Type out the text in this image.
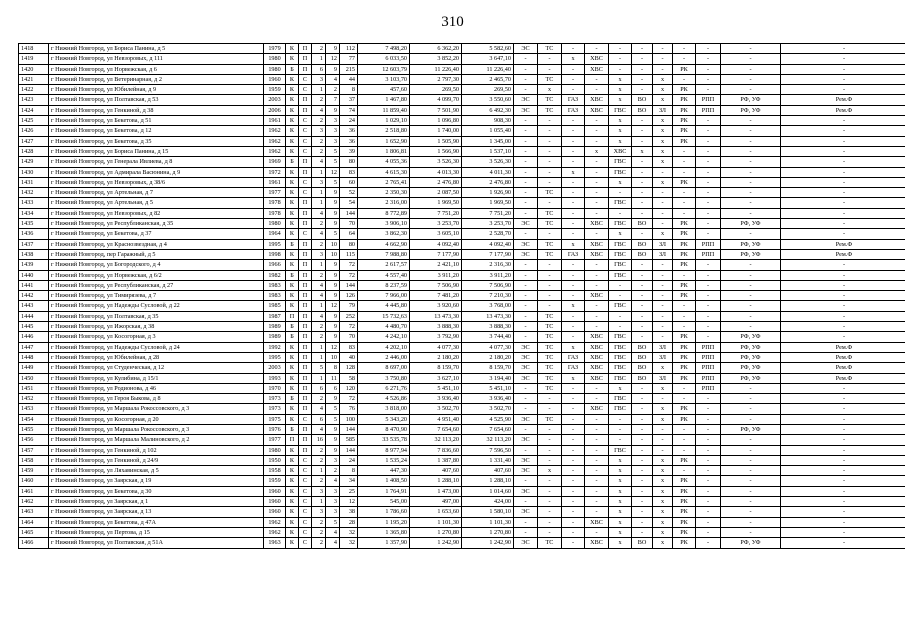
310
1418	г Нижний Новгород, ул Бориса Панина, д 5	1979	К	П	2	9	112	7 498,20	6 362,20	5 582,60	ЭС	ТС	-	-	-	-	-	-	-	-	-
1419	г Нижний Новгород, ул Невзоровых, д 111	1980	К	П	1	12	77	6 033,50	3 852,20	3 647,10	-	-	х	ХВС	-	-	-	-	-	-	-
1420	г Нижний Новгород, ул Норвежская, д 6	1980	Б	П	6	9	215	12 603,79	11 226,40	11 226,40	-	-	-	ХВС	-	-	-	РК	-	-	-
1421	г Нижний Новгород, ул Ветеринарная, д 2	1960	К	С	3	4	44	3 103,70	2 797,30	2 465,70	-	ТС	-	-	х	-	х	-	-	-	-
1422	г Нижний Новгород, ул Юбилейная, д 9	1959	К	С	1	2	8	457,60	269,50	269,50	-	х	-	-	х	-	х	РК	-	-	-
1423	г Нижний Новгород, ул Полтавская, д 53	2003	К	П	2	7	37	1 467,80	4 099,70	3 550,60	ЭС	ТС	ГАЗ	ХВС	х	ВО	х	РК	РПП	РФ, УФ	Рем.Ф
1424	г Нижний Новгород, ул Генкиной, д 38	2006	К	П	4	9	74	11 859,40	7 501,90	6 492,30	ЭС	ТС	ГАЗ	ХВС	ГВС	ВО	ЗЛ	РК	РПП	РФ, УФ	Рем.Ф
1425	г Нижний Новгород, ул Бекетова, д 51	1961	К	С	2	3	24	1 029,10	1 096,80	908,30	-	-	-	-	х	-	х	РК	-	-	-
1426	г Нижний Новгород, ул Бекетова, д 12	1962	К	С	3	3	36	2 518,80	1 740,00	1 055,40	-	-	-	-	х	-	х	РК	-	-	-
1427	г Нижний Новгород, ул Бекетова, д 35	1962	К	С	2	3	36	1 652,90	1 505,90	1 345,00	-	-	-	-	х	-	х	РК	-	-	-
1428	г Нижний Новгород, ул Бориса Панина, д 15	1962	К	С	2	5	39	1 806,81	1 566,90	1 537,10	-	-	-	х	ХВС	х	х	-	-	-	-
1429	г Нижний Новгород, ул Генерала Ивлиева, д 8	1969	Б	П	4	5	80	4 055,36	3 526,30	3 526,30	-	-	-	-	ГВС	-	х	-	-	-	-
1430	г Нижний Новгород, ул Адмирала Васюнина, д 9	1972	К	П	1	12	83	4 615,30	4 013,30	4 011,30	-	-	х	-	ГВС	-	-	-	-	-	-
1431	г Нижний Новгород, ул Невзоровых, д 38/6	1961	К	С	3	5	60	2 765,41	2 476,80	2 476,80	-	-	-	-	х	-	х	РК	-	-	-
1432	г Нижний Новгород, ул Артельная, д 7	1977	К	С	1	9	52	2 350,30	2 087,50	1 926,90	-	ТС	-	-	-	-	-	-	-	-	-
1433	г Нижний Новгород, ул Артельная, д 5	1978	К	П	1	9	54	2 316,00	1 969,50	1 969,50	-	-	-	-	ГВС	-	-	-	-	-	-
1434	г Нижний Новгород, ул Невзоровых, д 82	1978	К	П	4	9	144	8 772,89	7 751,20	7 751,20	-	ТС	-	-	-	-	-	-	-	-	-
1435	г Нижний Новгород, ул Республиканская, д 35	1980	К	П	2	9	70	3 906,10	3 253,70	3 253,70	ЭС	ТС	-	ХВС	ГВС	ВО	-	РК	-	РФ, УФ	-
1436	г Нижний Новгород, ул Бекетова, д 37	1964	К	С	4	5	64	3 862,30	3 605,10	2 528,70	-	-	-	-	х	-	х	РК	-	-	-
1437	г Нижний Новгород, ул Краснозвездная, д 4	1995	Б	П	2	10	80	4 662,90	4 092,40	4 092,40	ЭС	ТС	х	ХВС	ГВС	ВО	ЗЛ	РК	РПП	РФ, УФ	Рем.Ф
1438	г Нижний Новгород, пер Гаражный, д 5	1998	К	П	3	10	115	7 988,80	7 177,90	7 177,90	ЭС	ТС	ГАЗ	ХВС	ГВС	ВО	ЗЛ	РК	РПП	РФ, УФ	Рем.Ф
1439	г Нижний Новгород, ул Богородского, д 4	1966	К	П	1	9	72	2 617,57	2 421,10	2 316,30	-	-	-	-	ГВС	-	-	РК	-	-	-
1440	г Нижний Новгород, ул Норвежская, д 6/2	1982	Б	П	2	9	72	4 557,40	3 911,20	3 911,20	-	-	-	-	ГВС	-	-	-	-	-	-
1441	г Нижний Новгород, ул Республиканская, д 27	1983	К	П	4	9	144	8 237,59	7 506,90	7 506,90	-	-	-	-	-	-	-	РК	-	-	-
1442	г Нижний Новгород, ул Тимирязева, д 7	1983	К	П	4	9	126	7 966,00	7 481,20	7 210,30	-	-	-	ХВС	-	-	-	РК	-	-	-
1443	г Нижний Новгород, ул Надежды Сусловой, д 22	1985	К	П	1	12	79	4 445,80	3 920,60	3 768,00	-	-	х	-	ГВС	-	-	-	-	-	-
1444	г Нижний Новгород, ул Полтавская, д 35	1987	П	П	4	9	252	15 732,63	13 473,30	13 473,30	-	ТС	-	-	-	-	-	-	-	-	-
1445	г Нижний Новгород, ул Ижорская, д 38	1989	Б	П	2	9	72	4 480,70	3 888,30	3 888,30	-	ТС	-	-	-	-	-	-	-	-	-
1446	г Нижний Новгород, ул Косогорная, д 3	1989	Б	П	2	9	70	4 242,10	3 792,90	3 744,40	-	ТС	-	ХВС	ГВС	-	-	РК	-	РФ, УФ	-
1447	г Нижний Новгород, ул Надежды Сусловой, д 24	1992	К	П	1	12	83	4 202,10	4 077,30	4 077,30	ЭС	ТС	х	ХВС	ГВС	ВО	ЗЛ	РК	РПП	РФ, УФ	Рем.Ф
1448	г Нижний Новгород, ул Юбилейная, д 28	1995	К	П	1	10	40	2 446,00	2 180,20	2 180,20	ЭС	ТС	ГАЗ	ХВС	ГВС	ВО	ЗЛ	РК	РПП	РФ, УФ	Рем.Ф
1449	г Нижний Новгород, ул Студенческая, д 12	2003	К	П	5	8	128	8 697,00	8 159,70	8 159,70	ЭС	ТС	ГАЗ	ХВС	ГВС	ВО	х	РК	РПП	РФ, УФ	Рем.Ф
1450	г Нижний Новгород, ул Кулибина, д 15/1	1993	К	П	1	11	58	3 750,80	3 627,10	3 194,40	ЭС	ТС	х	ХВС	ГВС	ВО	ЗЛ	РК	РПП	РФ, УФ	Рем.Ф
1451	г Нижний Новгород, ул Родионова, д 46	1970	К	П	6	6	120	6 271,76	5 451,10	5 451,10	-	ТС	-	-	х	-	х	-	РПП	-	-
1452	г Нижний Новгород, ул Героя Быкова, д 8	1973	Б	П	2	9	72	4 526,86	3 936,40	3 936,40	-	-	-	-	ГВС	-	-	-	-	-	-
1453	г Нижний Новгород, ул Маршала Рокоссовского, д 3	1973	К	П	4	5	76	3 818,00	3 502,70	3 502,70	-	-	-	ХВС	ГВС	-	х	РК	-	-	-
1454	г Нижний Новгород, ул Косогорная, д 20	1975	К	С	6	5	100	5 343,20	4 951,40	4 525,90	ЭС	ТС	-	-	-	-	х	РК	-	-	-
1455	г Нижний Новгород, ул Маршала Рокоссовского, д 3	1976	Б	П	4	9	144	8 470,90	7 654,60	7 654,60	-	-	-	-	-	-	-	-	-	РФ, УФ	-
1456	г Нижний Новгород, ул Маршала Малиновского, д 2	1977	П	П	16	9	585	33 535,78	32 113,20	32 113,20	ЭС	-	-	-	-	-	-	-	-	-	-
1457	г Нижний Новгород, ул Генкиной, д 102	1980	К	П	2	9	144	8 977,94	7 836,60	7 596,50	-	-	-	-	ГВС	-	-	-	-	-	-
1458	г Нижний Новгород, ул Генкиной, д 24/9	1950	К	С	2	3	24	1 535,24	1 387,80	1 331,40	ЭС	-	-	-	х	-	х	РК	-	-	-
1459	г Нижний Новгород, ул Ляхавинская, д 5	1958	К	С	1	2	8	447,30	407,60	407,60	ЭС	х	-	-	х	-	х	-	-	-	-
1460	г Нижний Новгород, ул Заярская, д 19	1959	К	С	2	4	34	1 408,50	1 288,10	1 288,10	-	-	-	-	х	-	х	РК	-	-	-
1461	г Нижний Новгород, ул Бекетова, д 30	1960	К	С	3	3	25	1 764,91	1 473,00	1 014,60	ЭС	-	-	-	х	-	х	РК	-	-	-
1462	г Нижний Новгород, ул Заярская, д 1	1960	К	С	1	3	12	545,00	497,00	424,00	-	-	-	-	х	-	х	РК	-	-	-
1463	г Нижний Новгород, ул Заярская, д 13	1960	К	С	3	3	38	1 786,60	1 653,60	1 580,10	ЭС	-	-	-	х	-	х	РК	-	-	-
1464	г Нижний Новгород, ул Бекетова, д 47А	1962	К	С	2	5	28	1 195,20	1 101,30	1 101,30	-	-	-	ХВС	х	-	х	РК	-	-	-
1465	г Нижний Новгород, ул Пертова, д 15	1962	К	С	2	4	32	1 365,80	1 270,80	1 270,80	-	-	-	-	х	-	х	РК	-	-	-
1466	г Нижний Новгород, ул Полтавская, д 51А	1963	К	С	2	4	32	1 357,90	1 242,90	1 242,90	ЭС	ТС	-	ХВС	х	ВО	х	РК	-	РФ, УФ	-
